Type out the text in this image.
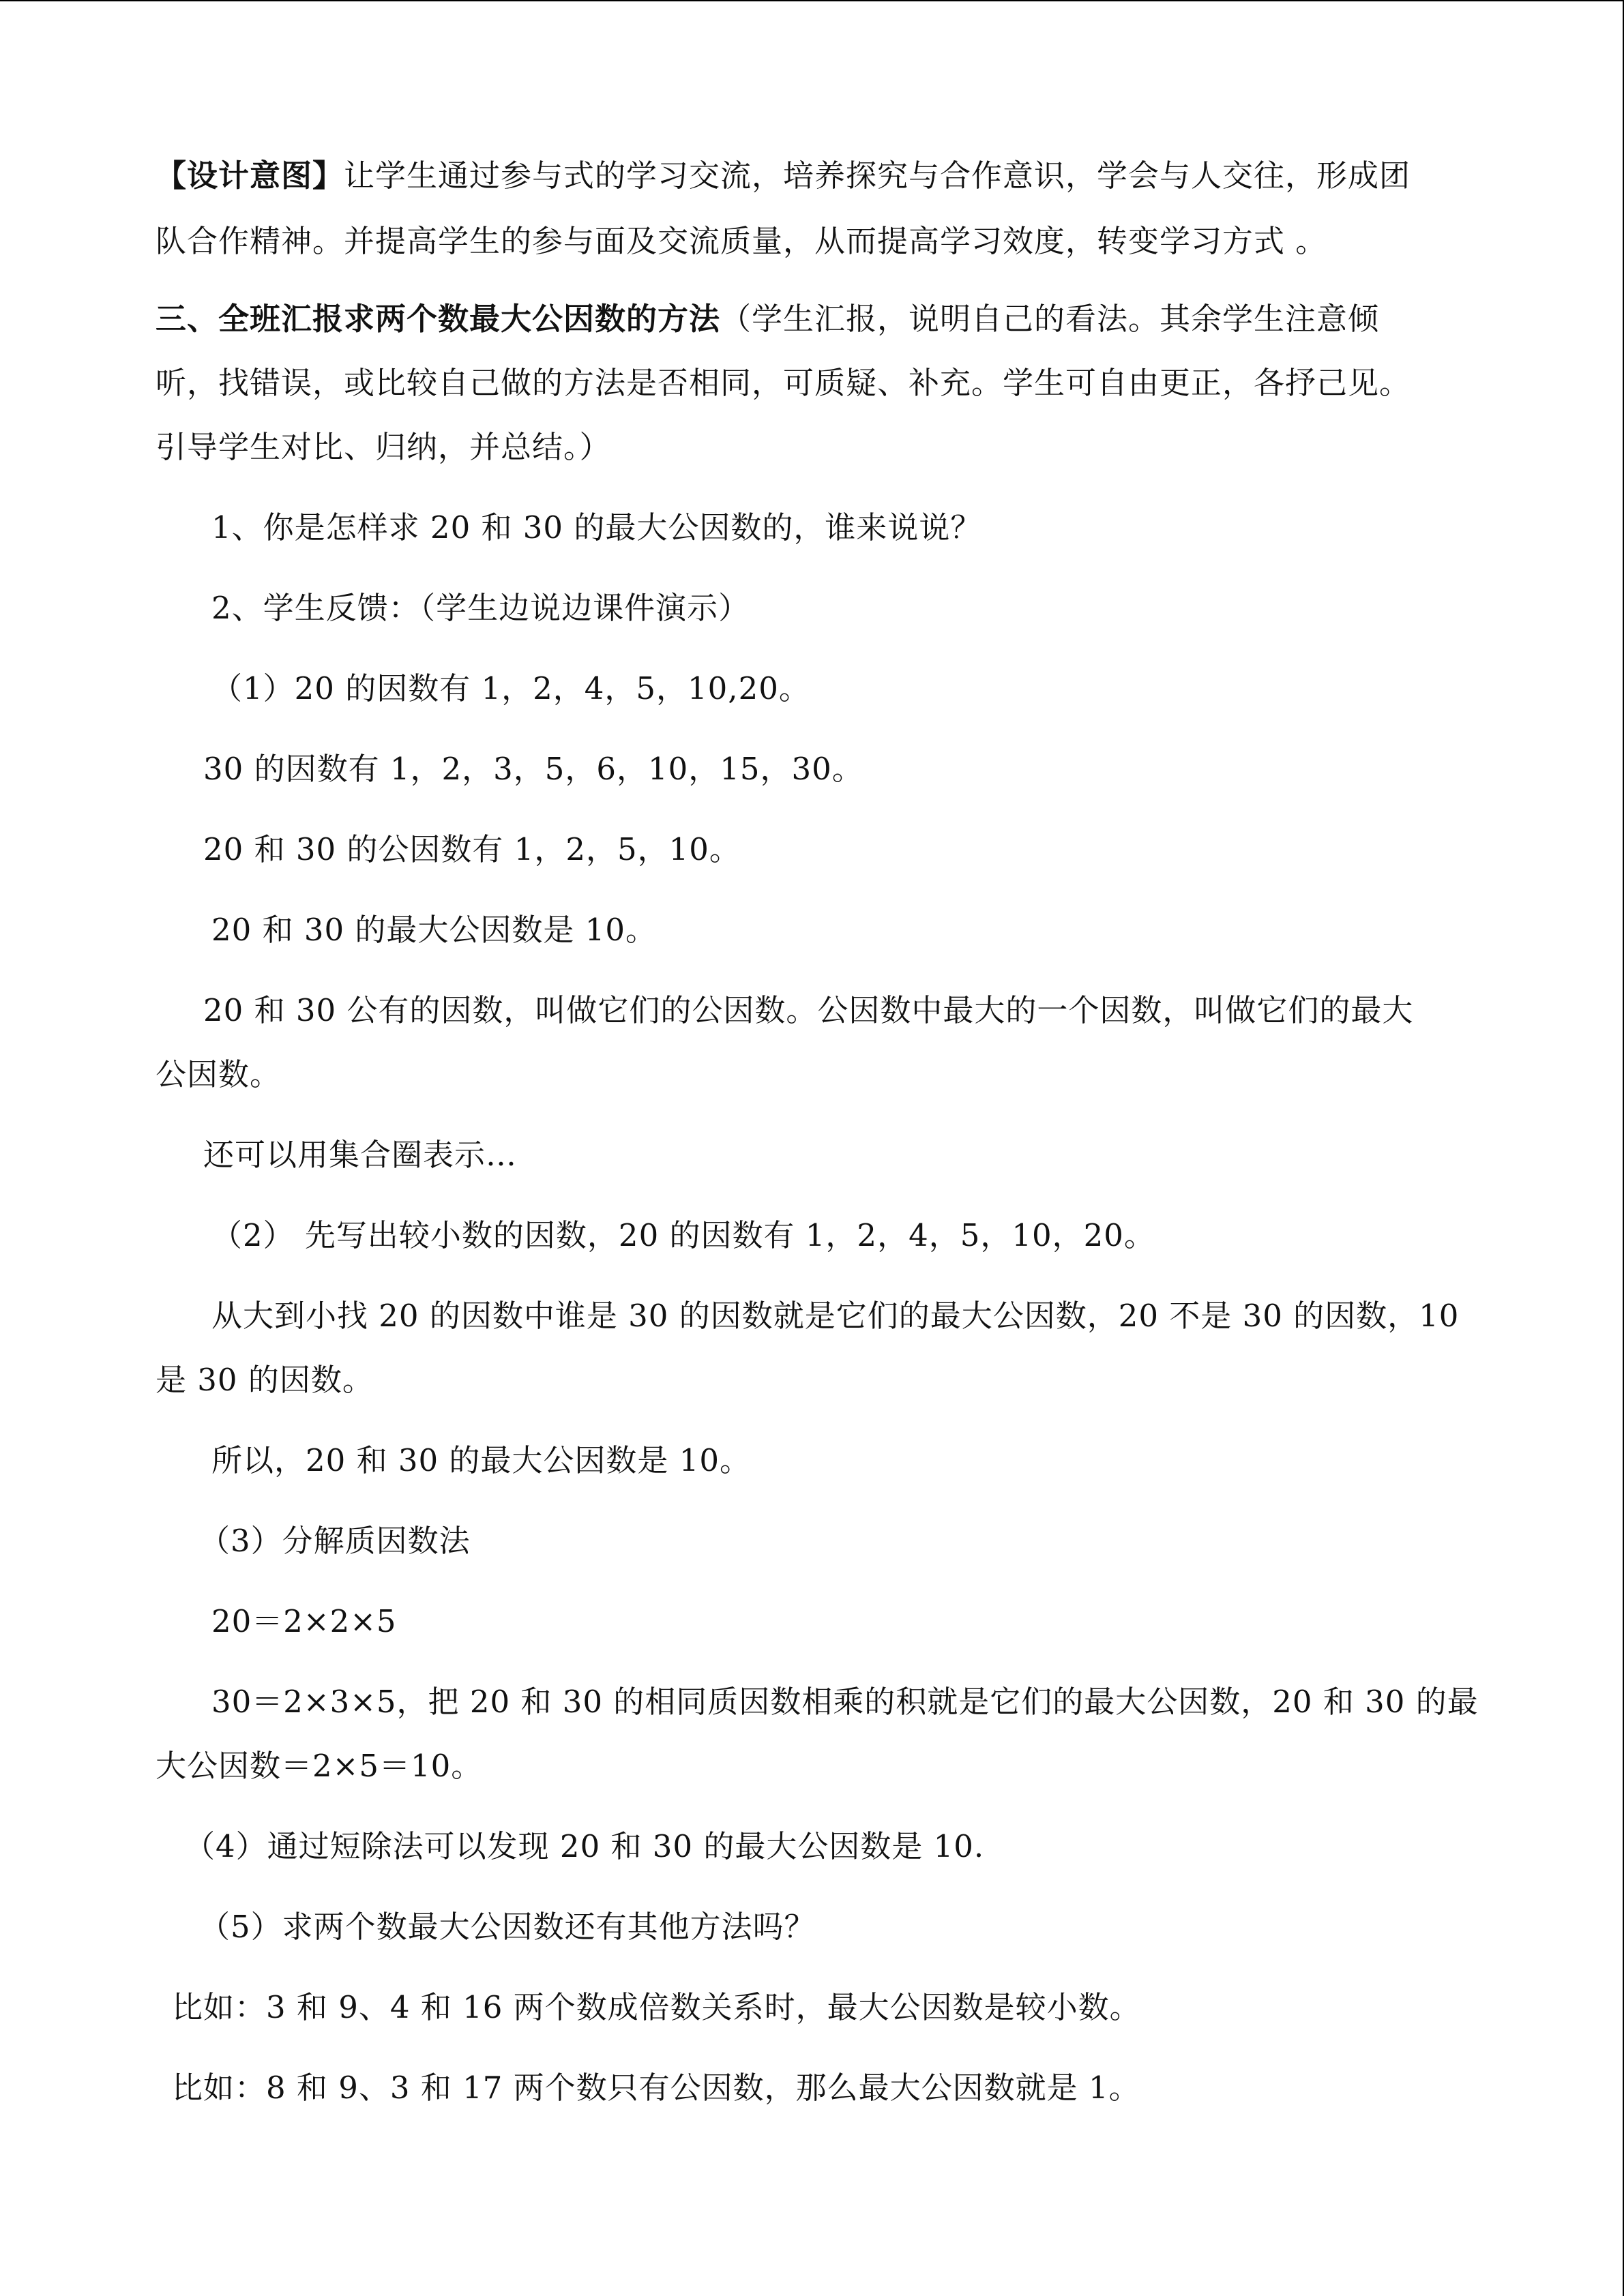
【设计意图】让学生通过参与式的学习交流，培养探究与合作意识，学会与人交往，形成团
队合作精神。并提高学生的参与面及交流质量，从而提高学习效度，转变学习方式 。
三、全班汇报求两个数最大公因数的方法（学生汇报，说明自己的看法。其余学生注意倾
听，找错误，或比较自己做的方法是否相同，可质疑、补充。学生可自由更正，各抒己见。
引导学生对比、归纳，并总结。）
1、你是怎样求 20 和 30 的最大公因数的，谁来说说？
2、学生反馈：（学生边说边课件演示）
（1）20 的因数有 1，2，4，5，10,20。
30 的因数有 1，2，3，5，6，10，15，30。
20 和 30 的公因数有 1，2，5，10。
20 和 30 的最大公因数是 10。
20 和 30 公有的因数，叫做它们的公因数。公因数中最大的一个因数，叫做它们的最大
公因数。
还可以用集合圈表示…
（2） 先写出较小数的因数，20 的因数有 1，2，4，5，10，20。
从大到小找 20 的因数中谁是 30 的因数就是它们的最大公因数，20 不是 30 的因数，10
是 30 的因数。
所以，20 和 30 的最大公因数是 10。
（3）分解质因数法
20＝2×2×5
30＝2×3×5，把 20 和 30 的相同质因数相乘的积就是它们的最大公因数，20 和 30 的最
大公因数＝2×5＝10。
（4）通过短除法可以发现 20 和 30 的最大公因数是 10.
（5）求两个数最大公因数还有其他方法吗？
比如：3 和 9、4 和 16 两个数成倍数关系时，最大公因数是较小数。
比如：8 和 9、3 和 17 两个数只有公因数，那么最大公因数就是 1。
